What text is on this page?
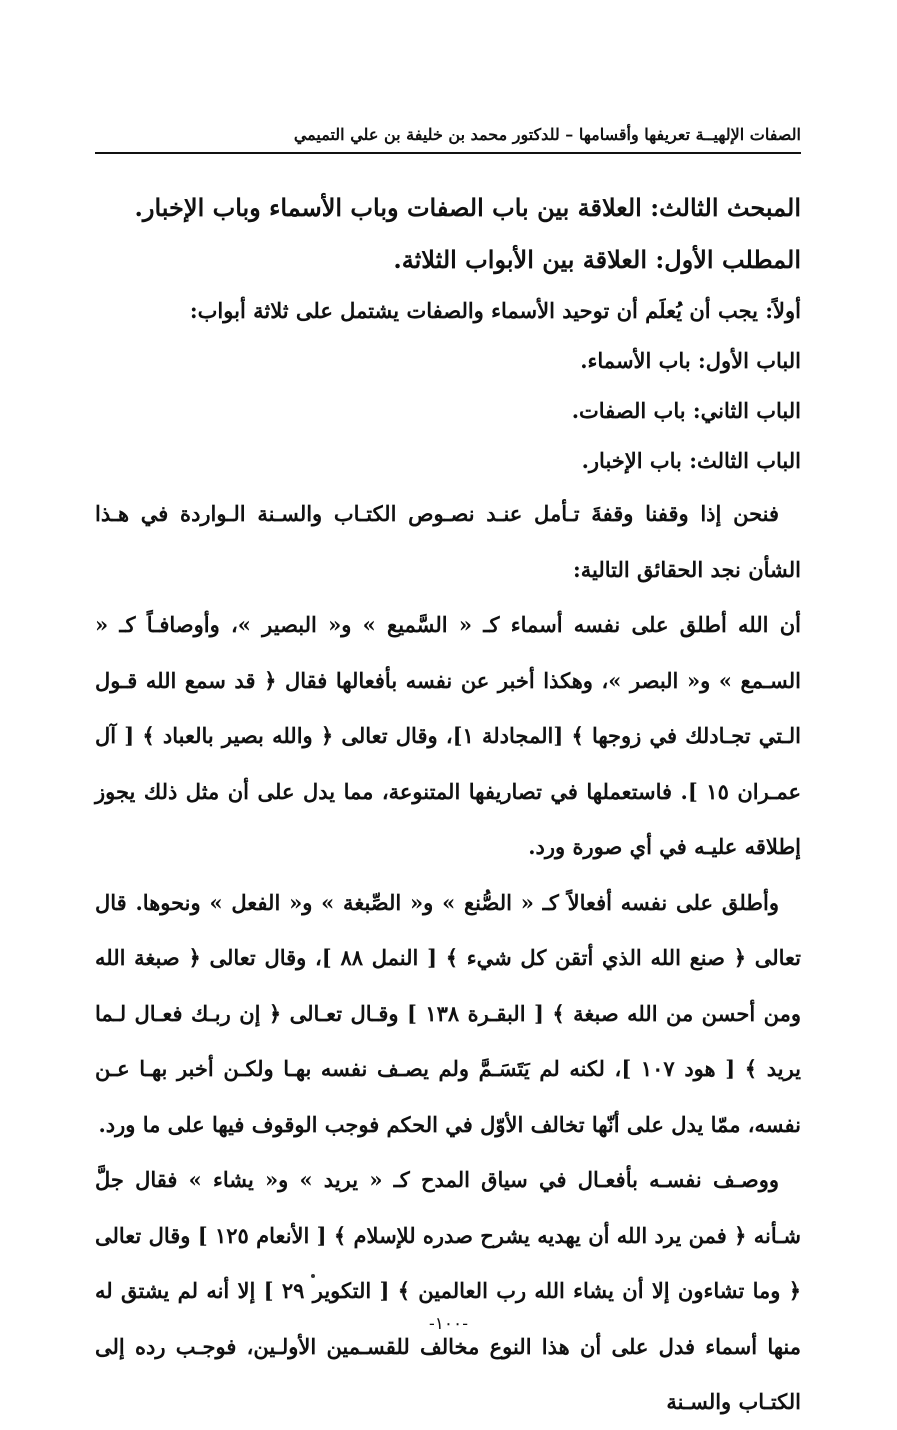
الصفات الإلهيــة تعريفها وأقسامها – للدكتور محمد بن خليفة بن علي التميمي

المبحث الثالث: العلاقة بين باب الصفات وباب الأسماء وباب الإخبار.

المطلب الأول: العلاقة بين الأبواب الثلاثة.

أولاً: يجب أن يُعلَم أن توحيد الأسماء والصفات يشتمل على ثلاثة أبواب:

الباب الأول: باب الأسماء.

الباب الثاني: باب الصفات.

الباب الثالث: باب الإخبار.

فنحن إذا وقفنا وقفةَ تـأمل عنـد نصـوص الكتـاب والسـنة الـواردة في هـذا الشأن نجد الحقائق التالية:

أن الله أطلق على نفسه أسماء كـ « السَّميع » و« البصير »، وأوصافـاً كـ « السـمع » و« البصر »، وهكذا أخبر عن نفسه بأفعالها فقال ﴿ قد سمع الله قـول الـتي تجـادلك في زوجها ﴾ [المجادلة ١]، وقال تعالى ﴿ والله بصير بالعباد ﴾ [ آل عمـران ١٥ ]. فاستعملها في تصاريفها المتنوعة، مما يدل على أن مثل ذلك يجوز إطلاقه عليـه في أي صورة ورد.

وأطلق على نفسه أفعالاً كـ « الصُّنع » و« الصِّبغة » و« الفعل » ونحوها. قال تعالى ﴿ صنع الله الذي أتقن كل شيء ﴾ [ النمل ٨٨ ]، وقال تعالى ﴿ صبغة الله ومن أحسن من الله صبغة ﴾ [ البقـرة ١٣٨ ] وقـال تعـالى ﴿ إن ربـك فعـال لـما يريد ﴾ [ هود ١٠٧ ]، لكنه لم يَتَسَـمَّ ولم يصـف نفسه بهـا ولكـن أخبر بهـا عـن نفسه، ممّا يدل على أنّها تخالف الأوّل في الحكم فوجب الوقوف فيها على ما ورد.

ووصـف نفسـه بأفعـال في سياق المدح كـ « يريد » و« يشاء » فقال جلَّ شـأنه ﴿ فمن يرد الله أن يهديه يشرح صدره للإسلام ﴾ [ الأنعام ١٢٥ ] وقال تعالى ﴿ وما تشاءون إلا أن يشاء الله رب العالمين ﴾ [ التكوير ٢٩ ] إلا أنه لم يشتق له منها أسماء فدل على أن هذا النوع مخالف للقسـمين الأولـين، فوجـب رده إلى الكتـاب والسـنة

-١٠٠-
